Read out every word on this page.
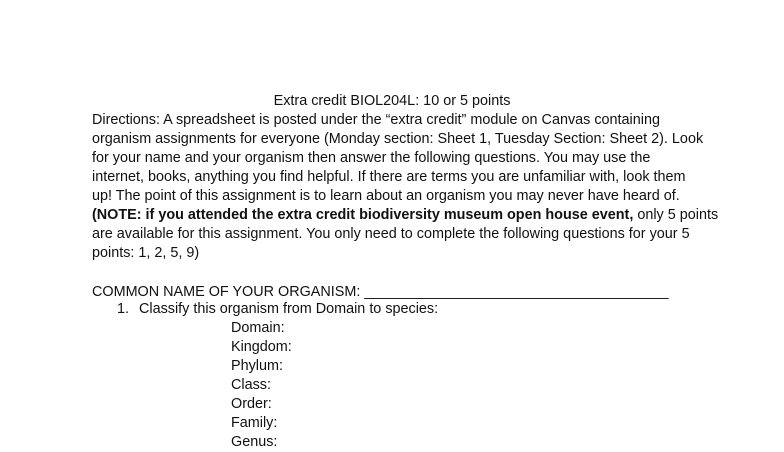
Extra credit BIOL204L: 10 or 5 points
Directions: A spreadsheet is posted under the “extra credit” module on Canvas containing
organism assignments for everyone (Monday section: Sheet 1, Tuesday Section: Sheet 2). Look
for your name and your organism then answer the following questions. You may use the
internet, books, anything you find helpful. If there are terms you are unfamiliar with, look them
up! The point of this assignment is to learn about an organism you may never have heard of.
(NOTE: if you attended the extra credit biodiversity museum open house event, only 5 points
are available for this assignment. You only need to complete the following questions for your 5
points: 1, 2, 5, 9)
COMMON NAME OF YOUR ORGANISM: ______________________________________
1. Classify this organism from Domain to species:
Domain:
Kingdom:
Phylum:
Class:
Order:
Family:
Genus:
